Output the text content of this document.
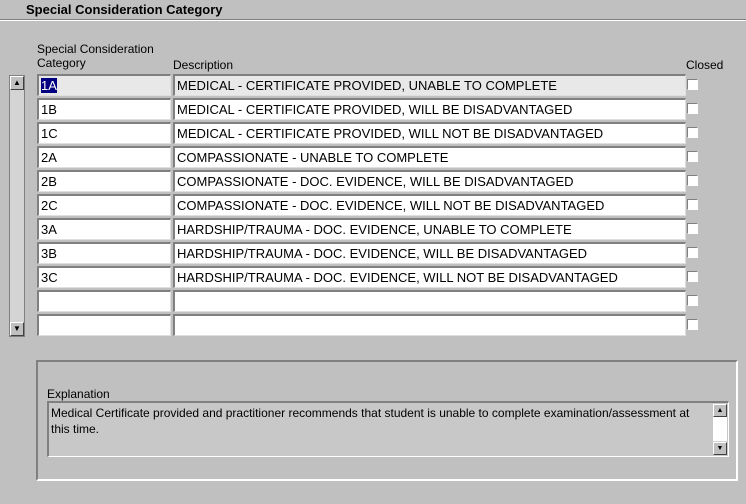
Special Consideration Category
Special Consideration
Category	Description	Closed
▲
▼
1A	MEDICAL - CERTIFICATE PROVIDED, UNABLE TO COMPLETE
1B	MEDICAL - CERTIFICATE PROVIDED, WILL BE DISADVANTAGED
1C	MEDICAL - CERTIFICATE PROVIDED, WILL NOT BE DISADVANTAGED
2A	COMPASSIONATE - UNABLE TO COMPLETE
2B	COMPASSIONATE - DOC. EVIDENCE, WILL BE DISADVANTAGED
2C	COMPASSIONATE - DOC. EVIDENCE, WILL NOT BE DISADVANTAGED
3A	HARDSHIP/TRAUMA - DOC. EVIDENCE, UNABLE TO COMPLETE
3B	HARDSHIP/TRAUMA - DOC. EVIDENCE, WILL BE DISADVANTAGED
3C	HARDSHIP/TRAUMA - DOC. EVIDENCE, WILL NOT BE DISADVANTAGED
Explanation
Medical Certificate provided and practitioner recommends that student is unable to complete examination/assessment at this time.
▲
▼
